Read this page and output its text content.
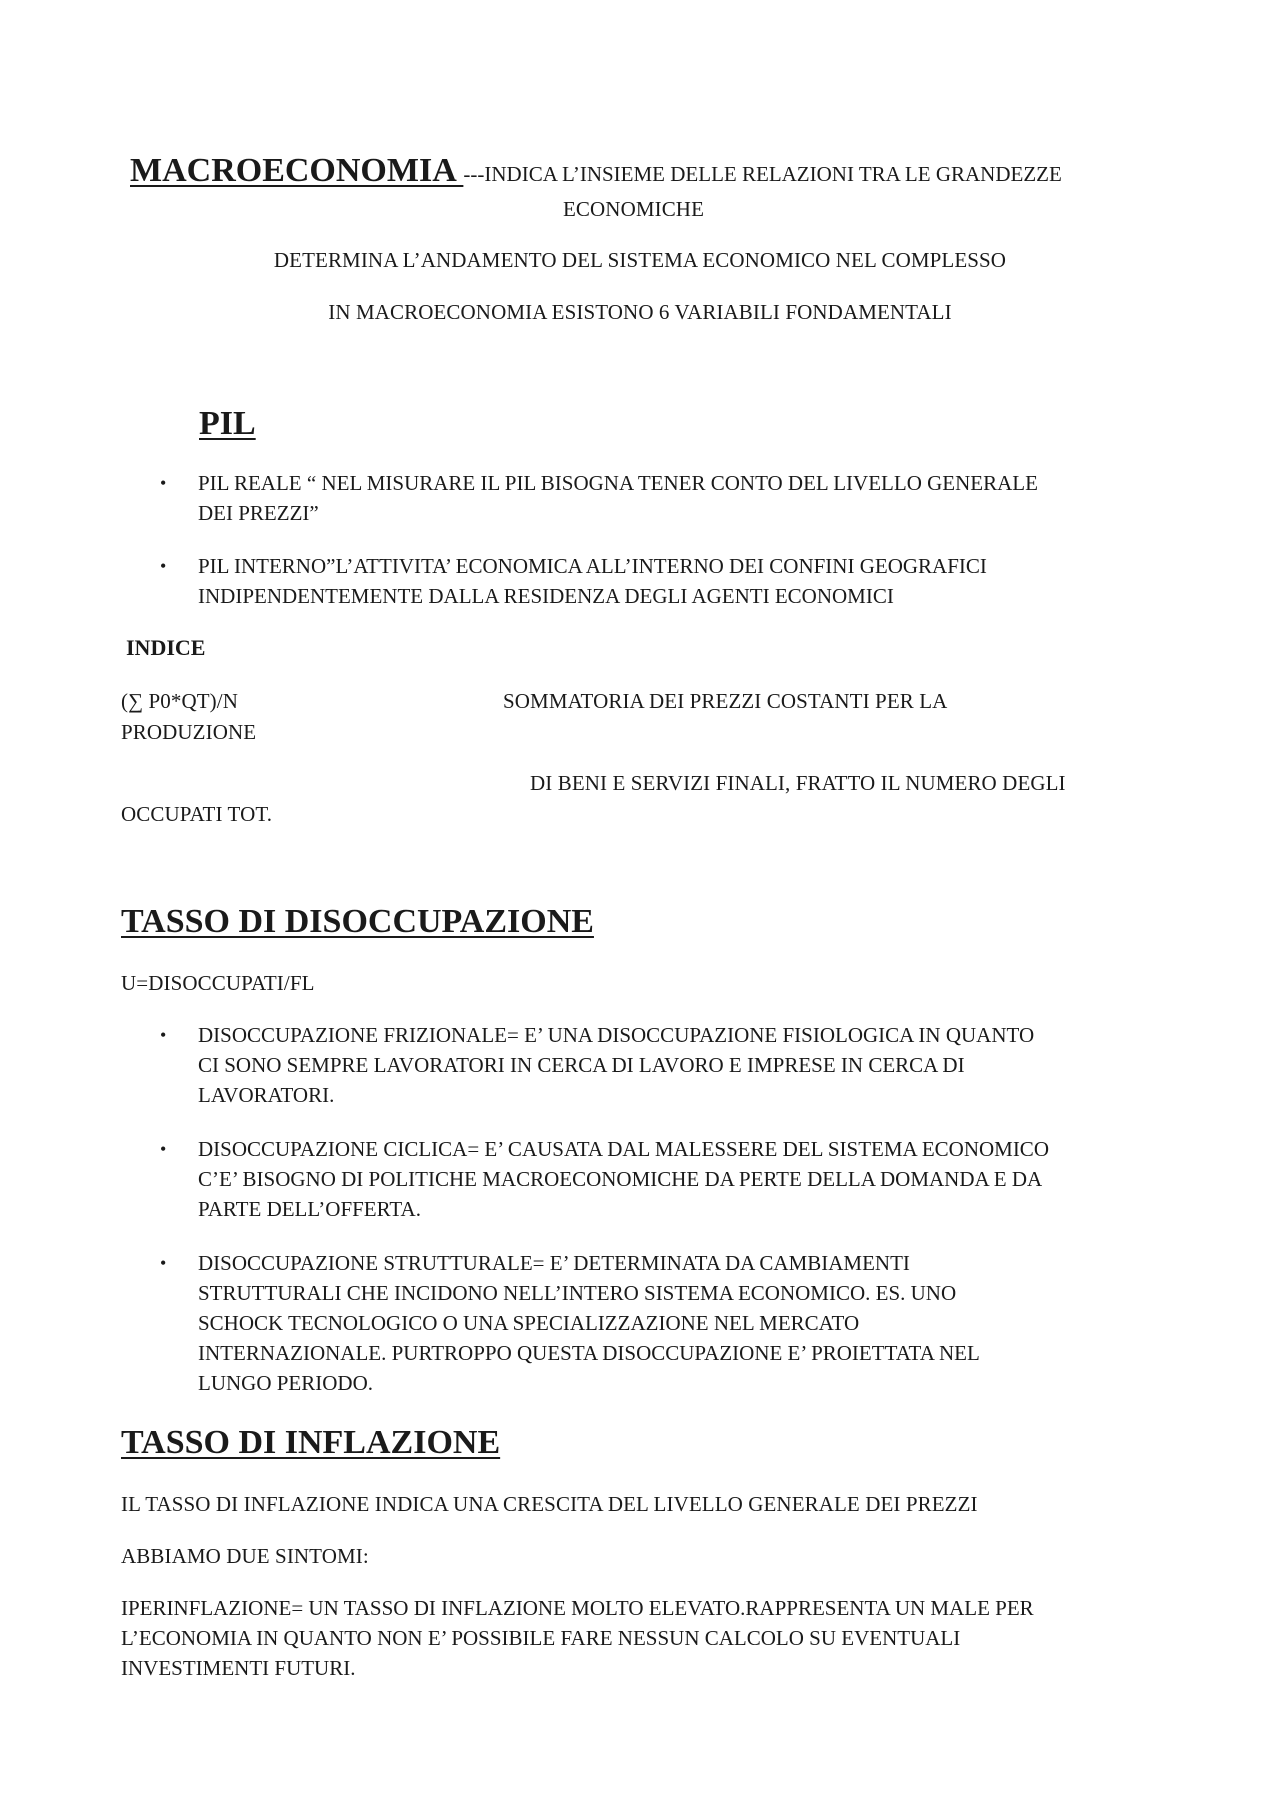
MACROECONOMIA ---INDICA L’INSIEME DELLE RELAZIONI TRA LE GRANDEZZE
ECONOMICHE
DETERMINA L’ANDAMENTO DEL SISTEMA ECONOMICO NEL COMPLESSO
IN MACROECONOMIA ESISTONO 6 VARIABILI FONDAMENTALI
PIL
• PIL REALE “ NEL MISURARE IL PIL BISOGNA TENER CONTO DEL LIVELLO GENERALE
DEI PREZZI”
• PIL INTERNO”L’ATTIVITA’ ECONOMICA ALL’INTERNO DEI CONFINI GEOGRAFICI
INDIPENDENTEMENTE DALLA RESIDENZA DEGLI AGENTI ECONOMICI
INDICE
(∑ P0*QT)/N	SOMMATORIA DEI PREZZI COSTANTI PER LA
PRODUZIONE
DI BENI E SERVIZI FINALI, FRATTO IL NUMERO DEGLI
OCCUPATI TOT.
TASSO DI DISOCCUPAZIONE
U=DISOCCUPATI/FL
• DISOCCUPAZIONE FRIZIONALE= E’ UNA DISOCCUPAZIONE FISIOLOGICA IN QUANTO
CI SONO SEMPRE LAVORATORI IN CERCA DI LAVORO E IMPRESE IN CERCA DI
LAVORATORI.
• DISOCCUPAZIONE CICLICA= E’ CAUSATA DAL MALESSERE DEL SISTEMA ECONOMICO
C’E’ BISOGNO DI POLITICHE MACROECONOMICHE DA PERTE DELLA DOMANDA E DA
PARTE DELL’OFFERTA.
• DISOCCUPAZIONE STRUTTURALE= E’ DETERMINATA DA CAMBIAMENTI
STRUTTURALI CHE INCIDONO NELL’INTERO SISTEMA ECONOMICO. ES. UNO
SCHOCK TECNOLOGICO O UNA SPECIALIZZAZIONE NEL MERCATO
INTERNAZIONALE. PURTROPPO QUESTA DISOCCUPAZIONE E’ PROIETTATA NEL
LUNGO PERIODO.
TASSO DI INFLAZIONE
IL TASSO DI INFLAZIONE INDICA UNA CRESCITA DEL LIVELLO GENERALE DEI PREZZI
ABBIAMO DUE SINTOMI:
IPERINFLAZIONE= UN TASSO DI INFLAZIONE MOLTO ELEVATO.RAPPRESENTA UN MALE PER
L’ECONOMIA IN QUANTO NON E’ POSSIBILE FARE NESSUN CALCOLO SU EVENTUALI
INVESTIMENTI FUTURI.
